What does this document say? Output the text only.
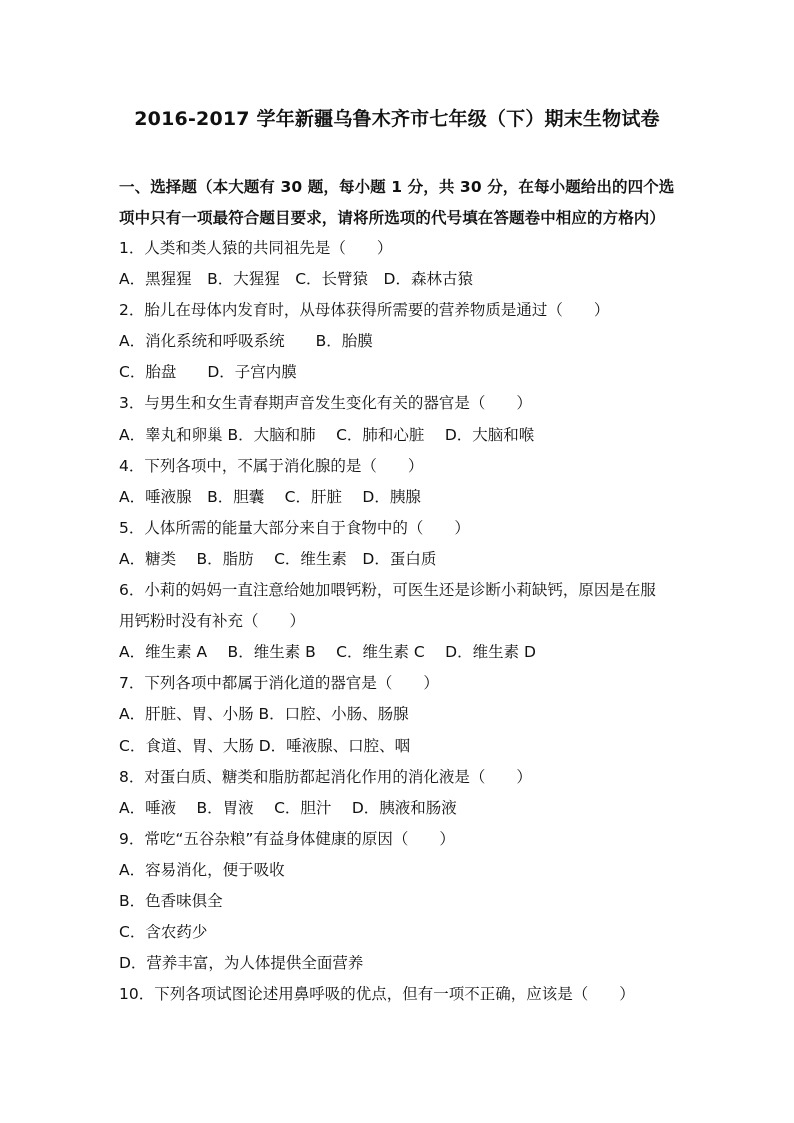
2016-2017 学年新疆乌鲁木齐市七年级（下）期末生物试卷
一、选择题（本大题有 30 题，每小题 1 分，共 30 分，在每小题给出的四个选
项中只有一项最符合题目要求，请将所选项的代号填在答题卷中相应的方格内）
1．人类和类人猿的共同祖先是（　　）
A．黑猩猩　B．大猩猩　C．长臂猿　D．森林古猿
2．胎儿在母体内发育时，从母体获得所需要的营养物质是通过（　　）
A．消化系统和呼吸系统　　B．胎膜
C．胎盘　　D．子宫内膜
3．与男生和女生青春期声音发生变化有关的器官是（　　）
A．睾丸和卵巢 B．大脑和肺　 C．肺和心脏　 D．大脑和喉
4．下列各项中，不属于消化腺的是（　　）
A．唾液腺　B．胆囊　 C．肝脏　 D．胰腺
5．人体所需的能量大部分来自于食物中的（　　）
A．糖类　 B．脂肪　 C．维生素　D．蛋白质
6．小莉的妈妈一直注意给她加喂钙粉，可医生还是诊断小莉缺钙，原因是在服
用钙粉时没有补充（　　）
A．维生素 A　 B．维生素 B　 C．维生素 C　 D．维生素 D
7．下列各项中都属于消化道的器官是（　　）
A．肝脏、胃、小肠 B．口腔、小肠、肠腺
C．食道、胃、大肠 D．唾液腺、口腔、咽
8．对蛋白质、糖类和脂肪都起消化作用的消化液是（　　）
A．唾液　 B．胃液　 C．胆汁　 D．胰液和肠液
9．常吃“五谷杂粮”有益身体健康的原因（　　）
A．容易消化，便于吸收
B．色香味俱全
C．含农药少
D．营养丰富，为人体提供全面营养
10．下列各项试图论述用鼻呼吸的优点，但有一项不正确，应该是（　　）
